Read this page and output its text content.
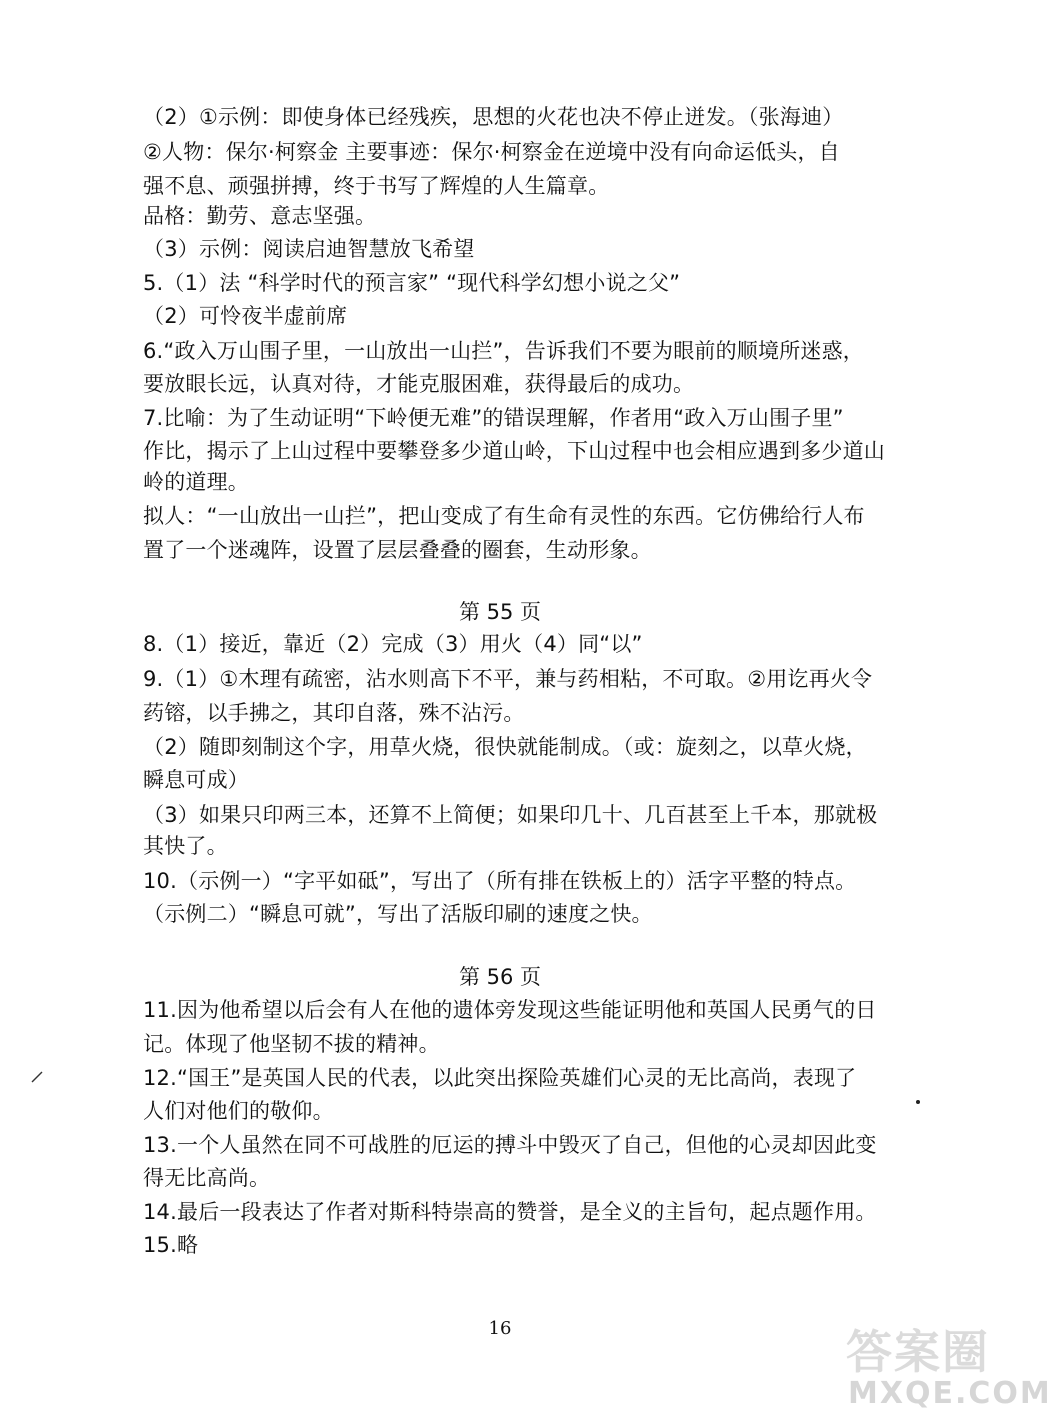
（2）①示例：即使身体已经残疾，思想的火花也决不停止迸发。（张海迪）
②人物：保尔·柯察金 主要事迹：保尔·柯察金在逆境中没有向命运低头，自
强不息、顽强拼搏，终于书写了辉煌的人生篇章。
品格：勤劳、意志坚强。
（3）示例：阅读启迪智慧放飞希望
5.（1）法 “科学时代的预言家” “现代科学幻想小说之父”
（2）可怜夜半虚前席
6.“政入万山围子里，一山放出一山拦”，告诉我们不要为眼前的顺境所迷惑，
要放眼长远，认真对待，才能克服困难，获得最后的成功。
7.比喻：为了生动证明“下岭便无难”的错误理解，作者用“政入万山围子里”
作比，揭示了上山过程中要攀登多少道山岭，下山过程中也会相应遇到多少道山
岭的道理。
拟人：“一山放出一山拦”，把山变成了有生命有灵性的东西。它仿佛给行人布
置了一个迷魂阵，设置了层层叠叠的圈套，生动形象。
第 55 页
8.（1）接近，靠近（2）完成（3）用火（4）同“以”
9.（1）①木理有疏密，沾水则高下不平，兼与药相粘，不可取。②用讫再火令
药镕，以手拂之，其印自落，殊不沾污。
（2）随即刻制这个字，用草火烧，很快就能制成。（或：旋刻之，以草火烧，
瞬息可成）
（3）如果只印两三本，还算不上简便；如果印几十、几百甚至上千本，那就极
其快了。
10.（示例一）“字平如砥”，写出了（所有排在铁板上的）活字平整的特点。
（示例二）“瞬息可就”，写出了活版印刷的速度之快。
第 56 页
11.因为他希望以后会有人在他的遗体旁发现这些能证明他和英国人民勇气的日
记。体现了他坚韧不拔的精神。
12.“国王”是英国人民的代表，以此突出探险英雄们心灵的无比高尚，表现了
人们对他们的敬仰。
13.一个人虽然在同不可战胜的厄运的搏斗中毁灭了自己，但他的心灵却因此变
得无比高尚。
14.最后一段表达了作者对斯科特崇高的赞誉，是全义的主旨句，起点题作用。
15.略
16	答案圈
MXQE.COM
